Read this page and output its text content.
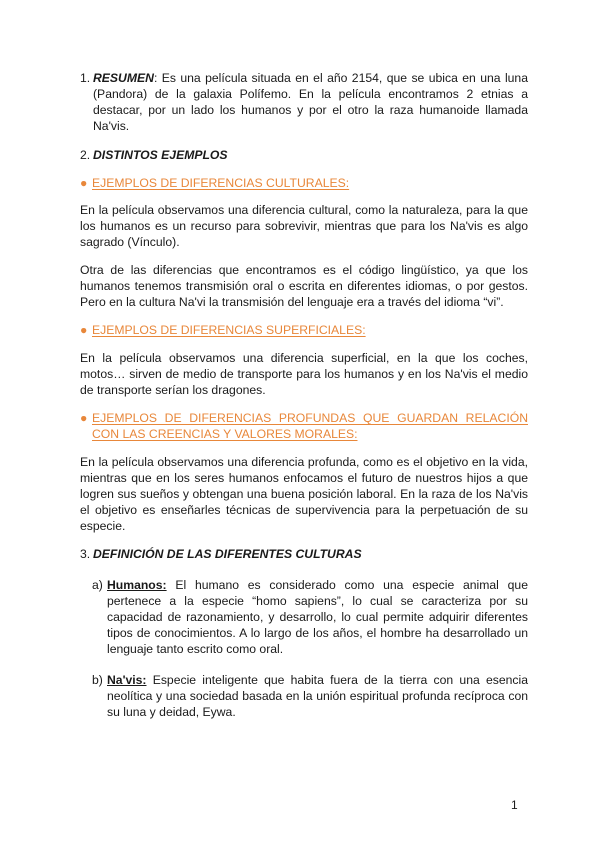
1. RESUMEN: Es una película situada en el año 2154, que se ubica en una luna (Pandora) de la galaxia Polífemo. En la película encontramos 2 etnias a destacar, por un lado los humanos y por el otro la raza humanoide llamada Na'vis.
2. DISTINTOS EJEMPLOS
● EJEMPLOS DE DIFERENCIAS CULTURALES:

En la película observamos una diferencia cultural, como la naturaleza, para la que los humanos es un recurso para sobrevivir, mientras que para los Na'vis es algo sagrado (Vínculo).

Otra de las diferencias que encontramos es el código lingüístico, ya que los humanos tenemos transmisión oral o escrita en diferentes idiomas, o por gestos. Pero en la cultura Na'vi la transmisión del lenguaje era a través del idioma “vi”.

● EJEMPLOS DE DIFERENCIAS SUPERFICIALES:

En la película observamos una diferencia superficial, en la que los coches, motos… sirven de medio de transporte para los humanos y en los Na'vis el medio de transporte serían los dragones.

● EJEMPLOS DE DIFERENCIAS PROFUNDAS QUE GUARDAN RELACIÓN CON LAS CREENCIAS Y VALORES MORALES:

En la película observamos una diferencia profunda, como es el objetivo en la vida, mientras que en los seres humanos enfocamos el futuro de nuestros hijos a que logren sus sueños y obtengan una buena posición laboral. En la raza de los Na'vis el objetivo es enseñarles técnicas de supervivencia para la perpetuación de su especie.

3. DEFINICIÓN DE LAS DIFERENTES CULTURAS
a) Humanos: El humano es considerado como una especie animal que pertenece a la especie “homo sapiens”, lo cual se caracteriza por su capacidad de razonamiento, y desarrollo, lo cual permite adquirir diferentes tipos de conocimientos. A lo largo de los años, el hombre ha desarrollado un lenguaje tanto escrito como oral.
b) Na'vis: Especie inteligente que habita fuera de la tierra con una esencia neolítica y una sociedad basada en la unión espiritual profunda recíproca con su luna y deidad, Eywa.
1
